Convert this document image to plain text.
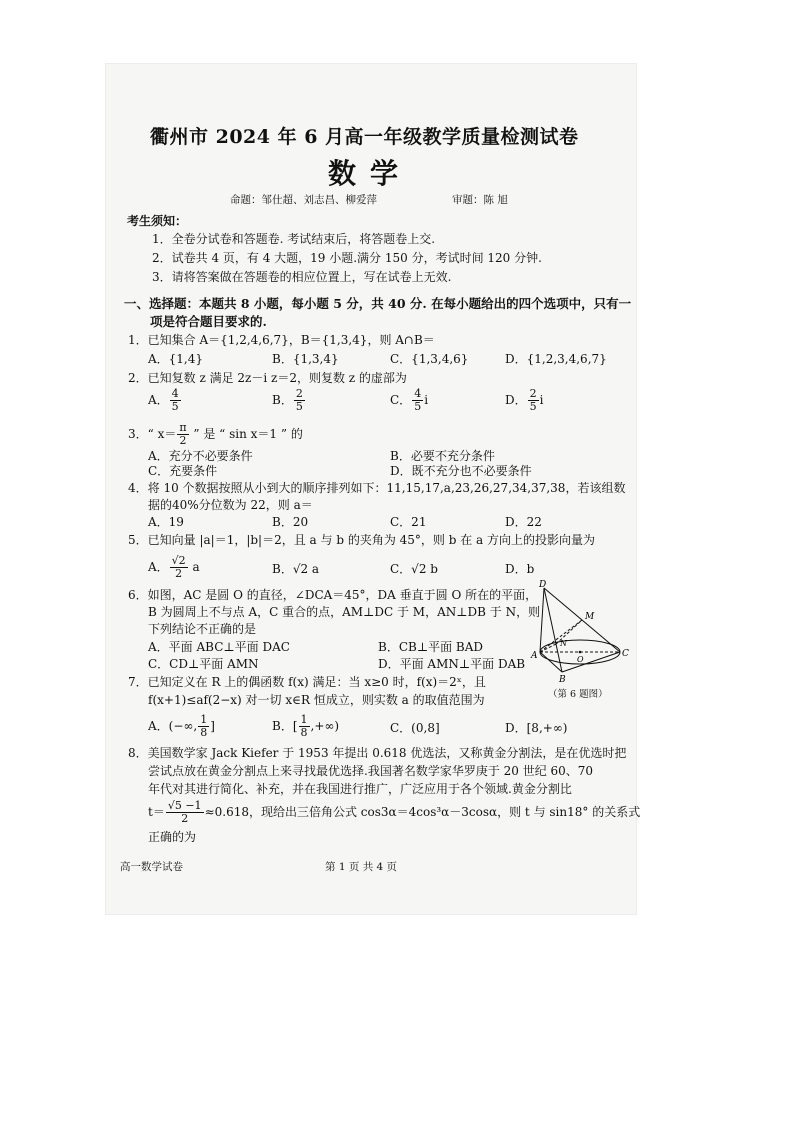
衢州市 2024 年 6 月高一年级教学质量检测试卷
数学
命题：邹仕超、刘志昌、柳爱萍	审题：陈 旭
考生须知：
1．全卷分试卷和答题卷. 考试结束后，将答题卷上交.
2．试卷共 4 页，有 4 大题，19 小题.满分 150 分，考试时间 120 分钟.
3．请将答案做在答题卷的相应位置上，写在试卷上无效.
一、选择题：本题共 8 小题，每小题 5 分，共 40 分. 在每小题给出的四个选项中，只有一
项是符合题目要求的.
1．已知集合 A＝{1,2,4,6,7}，B＝{1,3,4}，则 A∩B＝
A．{1,4}	B．{1,3,4}	C．{1,3,4,6}	D．{1,2,3,4,6,7}
2．已知复数 z 满足 2z－i z＝2，则复数 z 的虚部为
A． $\frac{4}{5}$	B． $\frac{2}{5}$	C． $\frac{4}{5}$ i	D． $\frac{2}{5}$ i
3．“ $x= \frac{\pi}{2}$ ” 是 “ sin x＝1 ” 的
A．充分不必要条件	B．必要不充分条件
C．充要条件	D．既不充分也不必要条件
4．将 10 个数据按照从小到大的顺序排列如下：11,15,17,a,23,26,27,34,37,38，若该组数
据的40%分位数为 22，则 a＝
A．19	B．20	C．21	D．22
5．已知向量 |a|＝1，|b|＝2，且 a 与 b 的夹角为 45°，则 b 在 a 方向上的投影向量为
A． $\frac{√2}{2}$ a	B．√2 a	C．√2 b	D．b
6．如图，AC 是圆 O 的直径，∠DCA＝45°，DA 垂直于圆 O 所在的平面，
B 为圆周上不与点 A，C 重合的点，AM⊥DC 于 M，AN⊥DB 于 N，则
下列结论不正确的是
A．平面 ABC⊥平面 DAC	B．CB⊥平面 BAD
C．CD⊥平面 AMN	D．平面 AMN⊥平面 DAB
D
M
N
A	O
C
B
（第 6 题图）
7．已知定义在 R 上的偶函数 f(x) 满足：当 x≥0 时，f(x)＝2ˣ，且
f(x+1)≤af(2−x) 对一切 x∈R 恒成立，则实数 a 的取值范围为
A．(−∞, $\frac{1}{8}$ ]	B．[ $\frac{1}{8}$ ,+∞)	C．(0,8]	D．[8,+∞)
8．美国数学家 Jack Kiefer 于 1953 年提出 0.618 优选法，又称黄金分割法，是在优选时把
尝试点放在黄金分割点上来寻找最优选择.我国著名数学家华罗庚于 20 世纪 60、70
年代对其进行简化、补充，并在我国进行推广，广泛应用于各个领域.黄金分割比
$t= \frac{√5 -1}{2} \approx 0.618$，现给出三倍角公式 cos3α＝4cos³α－3cosα，则 t 与 sin18° 的关系式
正确的为
高一数学试卷	第 1 页 共 4 页
